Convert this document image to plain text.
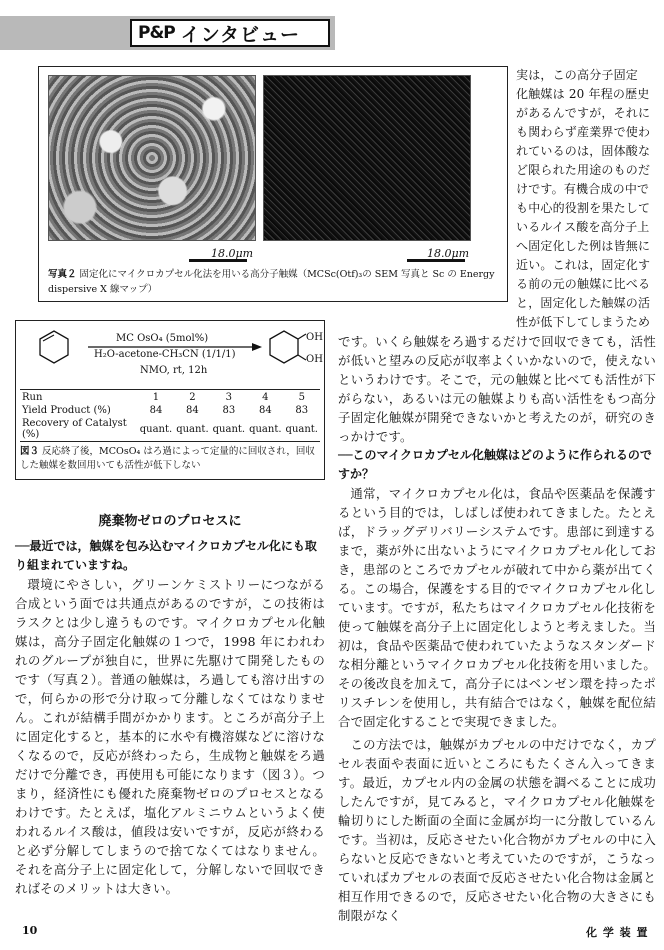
P&P インタビュー
18.0μm	18.0μm
写真２ 固定化にマイクロカプセル化法を用いる高分子触媒（MCSc(Otf)₃の SEM 写真と Sc の Energy dispersive X 線マップ）
実は，この高分子固定
化触媒は 20 年程の歴史
があるんですが，それに
も関わらず産業界で使わ
れているのは，固体酸な
ど限られた用途のものだ
けです。有機合成の中で
も中心的役割を果たして
いるルイス酸を高分子上
へ固定化した例は皆無に
近い。これは，固定化す
る前の元の触媒に比べる
と，固定化した触媒の活
性が低下してしまうため
MC OsO₄ (5mol%)
H₂O-acetone-CH₃CN (1/1/1)
NMO, rt, 12h
OH
OH
Run	1	2	3	4	5
Yield Product (%)	84	84	83	84	83
Recovery of Catalyst (%)	quant.	quant.	quant.	quant.	quant.
図３ 反応終了後，MCOsO₄ はろ過によって定量的に回収され，回収した触媒を数回用いても活性が低下しない
廃棄物ゼロのプロセスに
──最近では，触媒を包み込むマイクロカプセル化にも取り組まれていますね。
環境にやさしい，グリーンケミストリーにつながる合成という面では共通点があるのですが，この技術はラスクとは少し違うものです。マイクロカプセル化触媒は，高分子固定化触媒の１つで，1998 年にわれわれのグループが独自に，世界に先駆けて開発したものです（写真２）。普通の触媒は，ろ過しても溶け出すので，何らかの形で分け取って分離しなくてはなりません。これが結構手間がかかります。ところが高分子上に固定化すると，基本的に水や有機溶媒などに溶けなくなるので，反応が終わったら，生成物と触媒をろ過だけで分離でき，再使用も可能になります（図３）。つまり，経済性にも優れた廃棄物ゼロのプロセスとなるわけです。たとえば，塩化アルミニウムというよく使われるルイス酸は，値段は安いですが，反応が終わると必ず分解してしまうので捨てなくてはなりません。それを高分子上に固定化して，分解しないで回収できればそのメリットは大きい。
です。いくら触媒をろ過するだけで回収できても，活性が低いと望みの反応が収率よくいかないので，使えないというわけです。そこで，元の触媒と比べても活性が下がらない，あるいは元の触媒よりも高い活性をもつ高分子固定化触媒が開発できないかと考えたのが，研究のきっかけです。
──このマイクロカプセル化触媒はどのように作られるのですか？
通常，マイクロカプセル化は，食品や医薬品を保護するという目的では，しばしば使われてきました。たとえば，ドラッグデリバリーシステムです。患部に到達するまで，薬が外に出ないようにマイクロカプセル化しておき，患部のところでカプセルが破れて中から薬が出てくる。この場合，保護をする目的でマイクロカプセル化しています。ですが，私たちはマイクロカプセル化技術を使って触媒を高分子上に固定化しようと考えました。当初は，食品や医薬品で使われていたようなスタンダードな相分離というマイクロカプセル化技術を用いました。その後改良を加えて，高分子にはベンゼン環を持ったポリスチレンを使用し，共有結合ではなく，触媒を配位結合で固定化することで実現できました。
この方法では，触媒がカプセルの中だけでなく，カプセル表面や表面に近いところにもたくさん入ってきます。最近，カプセル内の金属の状態を調べることに成功したんですが，見てみると，マイクロカプセル化触媒を輪切りにした断面の全面に金属が均一に分散しているんです。当初は，反応させたい化合物がカプセルの中に入らないと反応できないと考えていたのですが，こうなっていればカプセルの表面で反応させたい化合物は金属と相互作用できるので，反応させたい化合物の大きさにも制限がなく
10	化 学 装 置
